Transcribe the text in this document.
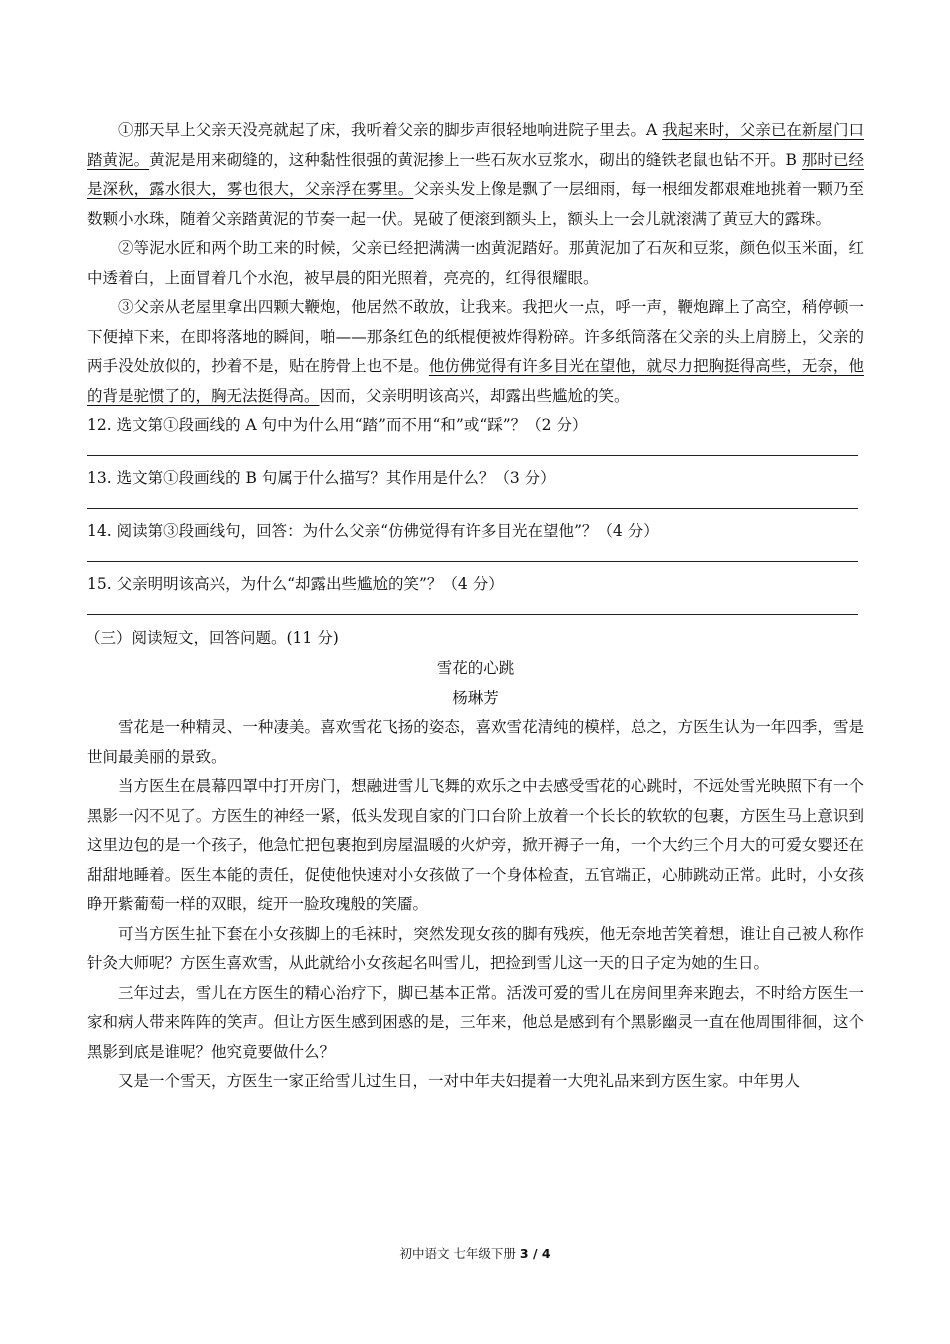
①那天早上父亲天没亮就起了床，我听着父亲的脚步声很轻地响进院子里去。A 我起来时，父亲已在新屋门口踏黄泥。黄泥是用来砌缝的，这种黏性很强的黄泥掺上一些石灰水豆浆水，砌出的缝铁老鼠也钻不开。B 那时已经是深秋，露水很大，雾也很大，父亲浮在雾里。父亲头发上像是飘了一层细雨，每一根细发都艰难地挑着一颗乃至数颗小水珠，随着父亲踏黄泥的节奏一起一伏。晃破了便滚到额头上，额头上一会儿就滚满了黄豆大的露珠。

②等泥水匠和两个助工来的时候，父亲已经把满满一凼黄泥踏好。那黄泥加了石灰和豆浆，颜色似玉米面，红中透着白，上面冒着几个水泡，被早晨的阳光照着，亮亮的，红得很耀眼。

③父亲从老屋里拿出四颗大鞭炮，他居然不敢放，让我来。我把火一点，呼一声，鞭炮蹿上了高空，稍停顿一下便掉下来，在即将落地的瞬间，啪——那条红色的纸棍便被炸得粉碎。许多纸筒落在父亲的头上肩膀上，父亲的两手没处放似的，抄着不是，贴在胯骨上也不是。他仿佛觉得有许多目光在望他，就尽力把胸挺得高些，无奈，他的背是驼惯了的，胸无法挺得高。因而，父亲明明该高兴，却露出些尴尬的笑。

12. 选文第①段画线的 A 句中为什么用“踏”而不用“和”或“踩”？（2 分）

13. 选文第①段画线的 B 句属于什么描写？其作用是什么？（3 分）

14. 阅读第③段画线句，回答：为什么父亲“仿佛觉得有许多目光在望他”？（4 分）

15. 父亲明明该高兴，为什么“却露出些尴尬的笑”？（4 分）

（三）阅读短文，回答问题。(11 分)

雪花的心跳

杨琳芳

雪花是一种精灵、一种凄美。喜欢雪花飞扬的姿态，喜欢雪花清纯的模样，总之，方医生认为一年四季，雪是世间最美丽的景致。

当方医生在晨幕四罩中打开房门，想融进雪儿飞舞的欢乐之中去感受雪花的心跳时，不远处雪光映照下有一个黑影一闪不见了。方医生的神经一紧，低头发现自家的门口台阶上放着一个长长的软软的包裹，方医生马上意识到这里边包的是一个孩子，他急忙把包裹抱到房屋温暖的火炉旁，掀开褥子一角，一个大约三个月大的可爱女婴还在甜甜地睡着。医生本能的责任，促使他快速对小女孩做了一个身体检查，五官端正，心肺跳动正常。此时，小女孩睁开紫葡萄一样的双眼，绽开一脸玫瑰般的笑靥。

可当方医生扯下套在小女孩脚上的毛袜时，突然发现女孩的脚有残疾，他无奈地苦笑着想，谁让自己被人称作针灸大师呢？方医生喜欢雪，从此就给小女孩起名叫雪儿，把捡到雪儿这一天的日子定为她的生日。

三年过去，雪儿在方医生的精心治疗下，脚已基本正常。活泼可爱的雪儿在房间里奔来跑去，不时给方医生一家和病人带来阵阵的笑声。但让方医生感到困惑的是，三年来，他总是感到有个黑影幽灵一直在他周围徘徊，这个黑影到底是谁呢？他究竟要做什么？

又是一个雪天，方医生一家正给雪儿过生日，一对中年夫妇提着一大兜礼品来到方医生家。中年男人

初中语文 七年级下册 3 / 4
